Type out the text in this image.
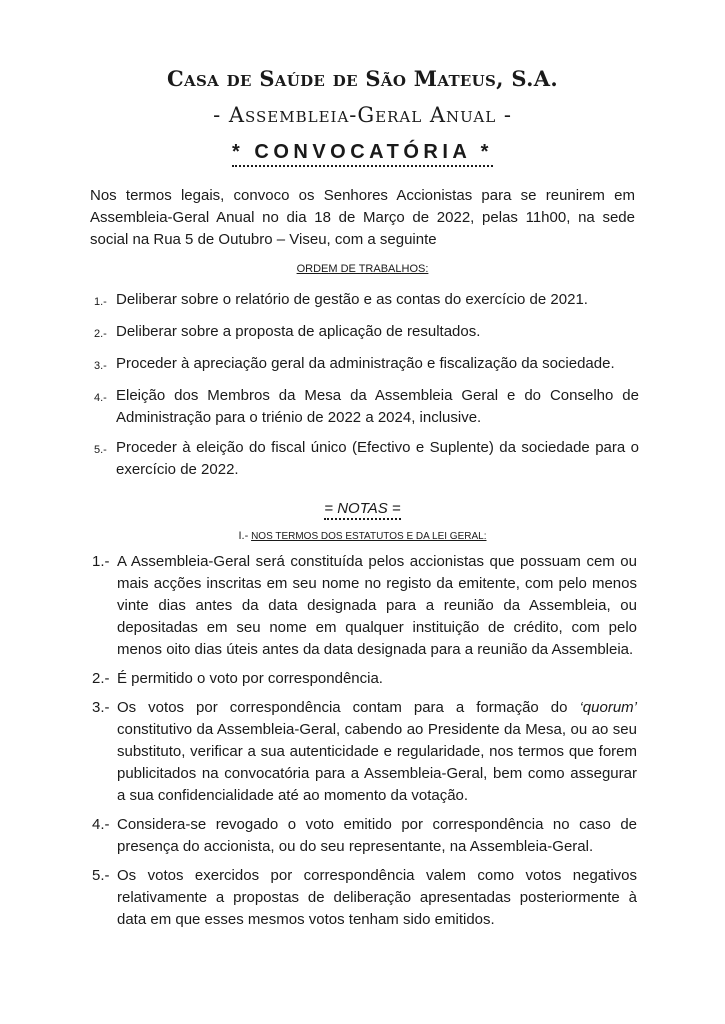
Casa de Saúde de São Mateus, S.A.
- Assembleia-Geral Anual -
* CONVOCATÓRIA *
Nos termos legais, convoco os Senhores Accionistas para se reunirem em Assembleia-Geral Anual no dia 18 de Março de 2022, pelas 11h00, na sede social na Rua 5 de Outubro – Viseu, com a seguinte
ORDEM DE TRABALHOS:
1.- Deliberar sobre o relatório de gestão e as contas do exercício de 2021.
2.- Deliberar sobre a proposta de aplicação de resultados.
3.- Proceder à apreciação geral da administração e fiscalização da sociedade.
4.- Eleição dos Membros da Mesa da Assembleia Geral e do Conselho de Administração para o triénio de 2022 a 2024, inclusive.
5.- Proceder à eleição do fiscal único (Efectivo e Suplente) da sociedade para o exercício de 2022.
= NOTAS =
I.- NOS TERMOS DOS ESTATUTOS E DA LEI GERAL:
1.- A Assembleia-Geral será constituída pelos accionistas que possuam cem ou mais acções inscritas em seu nome no registo da emitente, com pelo menos vinte dias antes da data designada para a reunião da Assembleia, ou depositadas em seu nome em qualquer instituição de crédito, com pelo menos oito dias úteis antes da data designada para a reunião da Assembleia.
2.- É permitido o voto por correspondência.
3.- Os votos por correspondência contam para a formação do ‘quorum’ constitutivo da Assembleia-Geral, cabendo ao Presidente da Mesa, ou ao seu substituto, verificar a sua autenticidade e regularidade, nos termos que forem publicitados na convocatória para a Assembleia-Geral, bem como assegurar a sua confidencialidade até ao momento da votação.
4.- Considera-se revogado o voto emitido por correspondência no caso de presença do accionista, ou do seu representante, na Assembleia-Geral.
5.- Os votos exercidos por correspondência valem como votos negativos relativamente a propostas de deliberação apresentadas posteriormente à data em que esses mesmos votos tenham sido emitidos.
